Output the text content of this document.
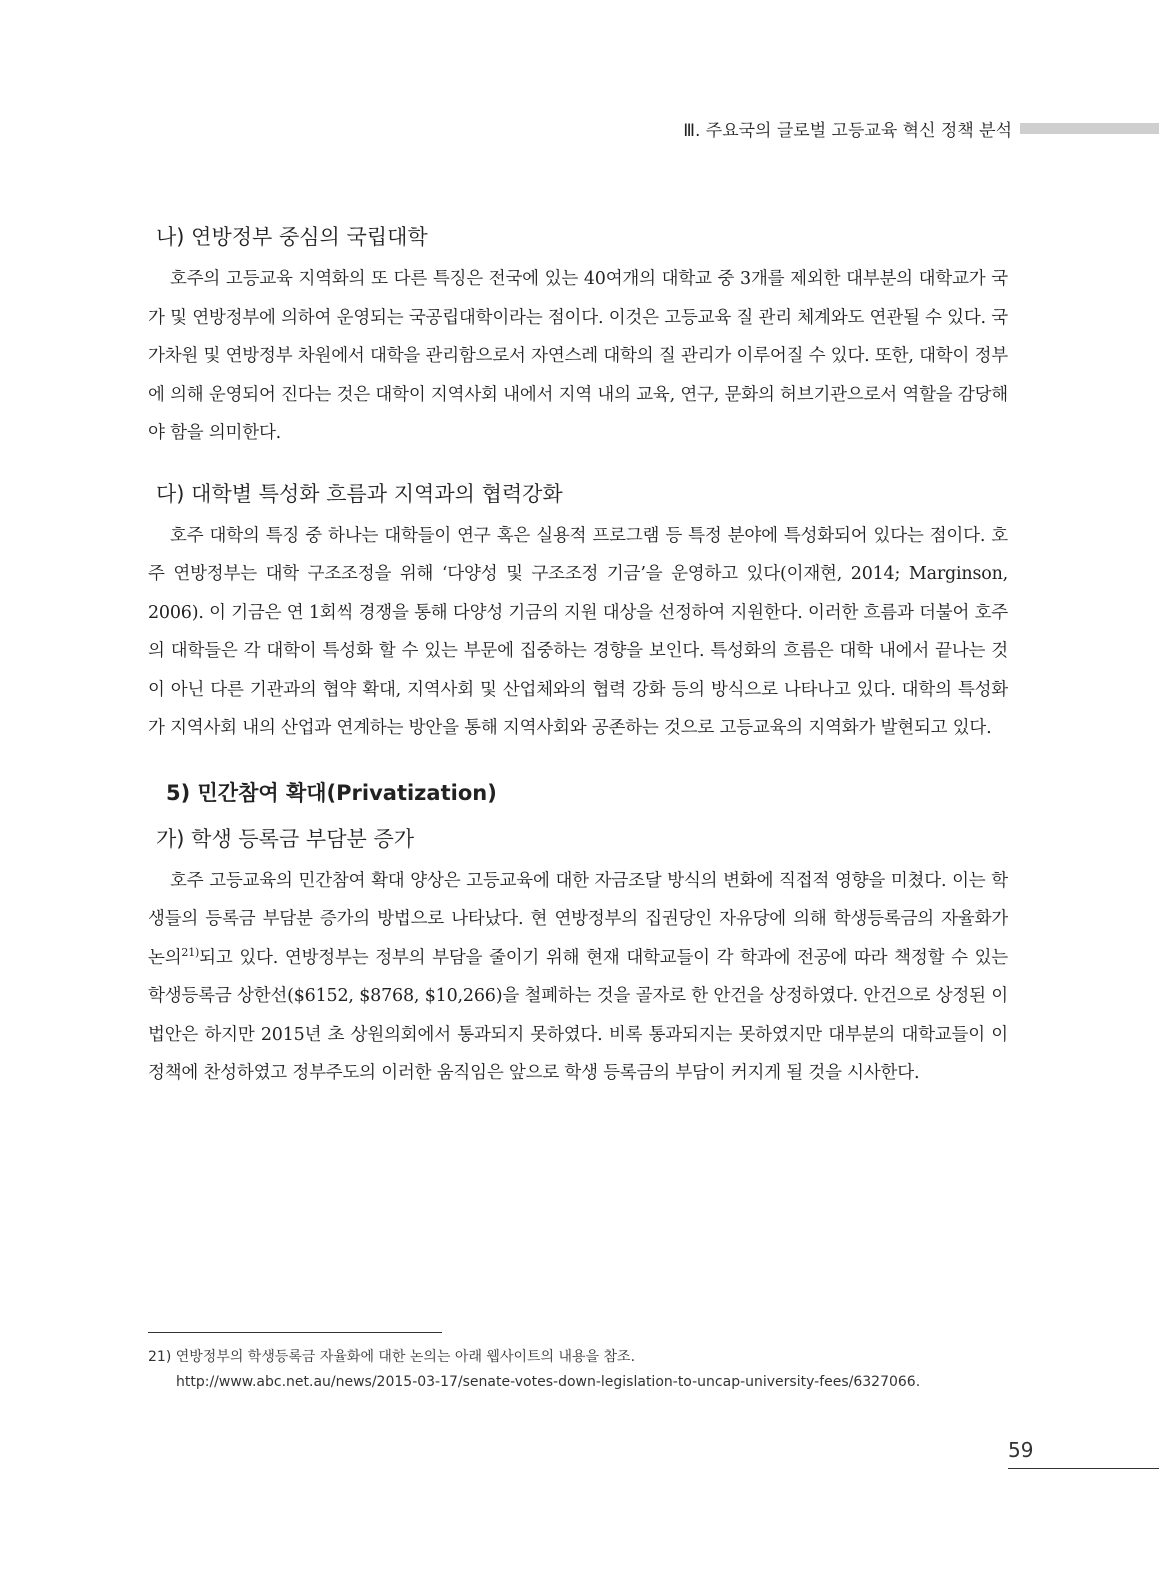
Ⅲ. 주요국의 글로벌 고등교육 혁신 정책 분석
나) 연방정부 중심의 국립대학

호주의 고등교육 지역화의 또 다른 특징은 전국에 있는 40여개의 대학교 중 3개를 제외한 대부분의 대학교가 국가 및 연방정부에 의하여 운영되는 국공립대학이라는 점이다. 이것은 고등교육 질 관리 체계와도 연관될 수 있다. 국가차원 및 연방정부 차원에서 대학을 관리함으로서 자연스레 대학의 질 관리가 이루어질 수 있다. 또한, 대학이 정부에 의해 운영되어 진다는 것은 대학이 지역사회 내에서 지역 내의 교육, 연구, 문화의 허브기관으로서 역할을 감당해야 함을 의미한다.

다) 대학별 특성화 흐름과 지역과의 협력강화

호주 대학의 특징 중 하나는 대학들이 연구 혹은 실용적 프로그램 등 특정 분야에 특성화되어 있다는 점이다. 호주 연방정부는 대학 구조조정을 위해 ‘다양성 및 구조조정 기금’을 운영하고 있다(이재현, 2014; Marginson, 2006). 이 기금은 연 1회씩 경쟁을 통해 다양성 기금의 지원 대상을 선정하여 지원한다. 이러한 흐름과 더불어 호주의 대학들은 각 대학이 특성화 할 수 있는 부문에 집중하는 경향을 보인다. 특성화의 흐름은 대학 내에서 끝나는 것이 아닌 다른 기관과의 협약 확대, 지역사회 및 산업체와의 협력 강화 등의 방식으로 나타나고 있다. 대학의 특성화가 지역사회 내의 산업과 연계하는 방안을 통해 지역사회와 공존하는 것으로 고등교육의 지역화가 발현되고 있다.

5) 민간참여 확대(Privatization)
가) 학생 등록금 부담분 증가

호주 고등교육의 민간참여 확대 양상은 고등교육에 대한 자금조달 방식의 변화에 직접적 영향을 미쳤다. 이는 학생들의 등록금 부담분 증가의 방법으로 나타났다. 현 연방정부의 집권당인 자유당에 의해 학생등록금의 자율화가 논의$^{21)}$되고 있다. 연방정부는 정부의 부담을 줄이기 위해 현재 대학교들이 각 학과에 전공에 따라 책정할 수 있는 학생등록금 상한선($6152, $8768, $10,266)을 철폐하는 것을 골자로 한 안건을 상정하였다. 안건으로 상정된 이 법안은 하지만 2015년 초 상원의회에서 통과되지 못하였다. 비록 통과되지는 못하였지만 대부분의 대학교들이 이 정책에 찬성하였고 정부주도의 이러한 움직임은 앞으로 학생 등록금의 부담이 커지게 될 것을 시사한다.

21) 연방정부의 학생등록금 자율화에 대한 논의는 아래 웹사이트의 내용을 참조.
http://www.abc.net.au/news/2015-03-17/senate-votes-down-legislation-to-uncap-university-fees/6327066.
59
